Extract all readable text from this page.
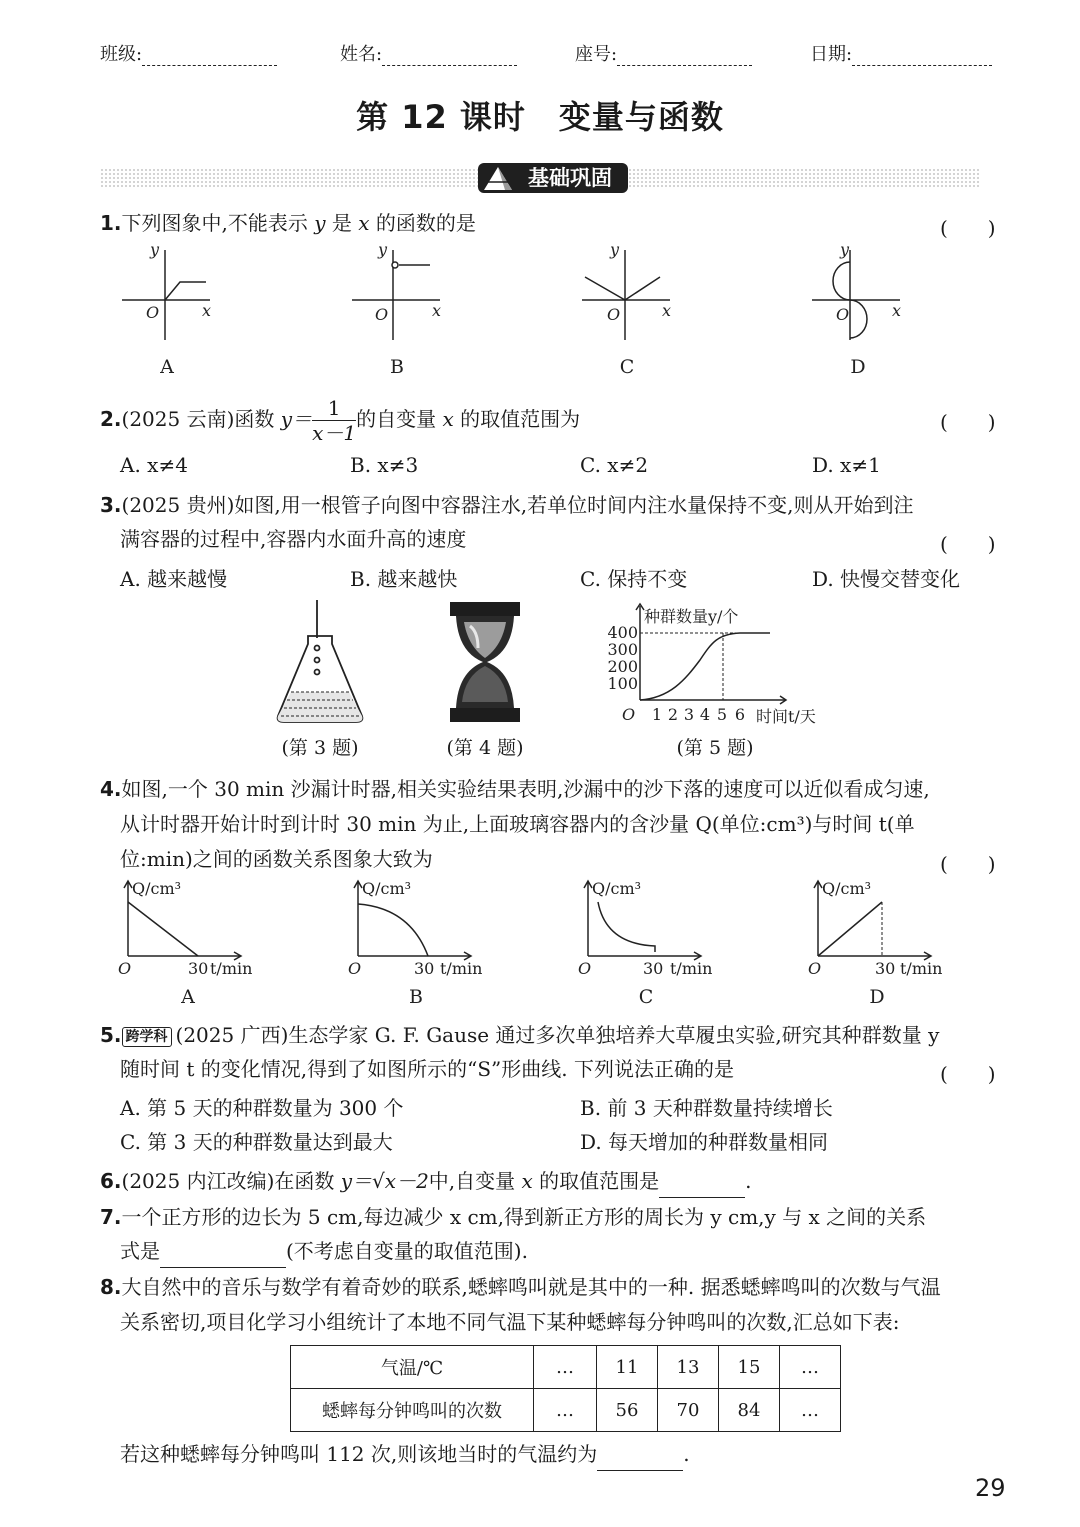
班级:	姓名:	座号:	日期:
第 12 课时　变量与函数
基础巩固
1.下列图象中,不能表示 y 是 x 的函数的是	(　　)
y
x
O
y
x
O
y
x
O
y
x
O
A	B	C	D
2.(2025 云南)函数 $y= \frac{1}{x-1}$ 的自变量 x 的取值范围为	(　　)
A. x≠4	B. x≠3	C. x≠2	D. x≠1
3.(2025 贵州)如图,用一根管子向图中容器注水,若单位时间内注水量保持不变,则从开始到注
满容器的过程中,容器内水面升高的速度	(　　)
A. 越来越慢	B. 越来越快	C. 保持不变	D. 快慢交替变化
种群数量y/个
时间t/天
O
400
300
200
100
1 2 3 4 5 6
(第 3 题)	(第 4 题)	(第 5 题)
4.如图,一个 30 min 沙漏计时器,相关实验结果表明,沙漏中的沙下落的速度可以近似看成匀速,
从计时器开始计时到计时 30 min 为止,上面玻璃容器内的含沙量 Q(单位:cm³)与时间 t(单
位:min)之间的函数关系图象大致为	(　　)
Q/cm³
t/min
30
O
Q/cm³
t/min
30
O
Q/cm³
t/min
30
O
Q/cm³
t/min
30
O
A	B	C	D
5. 跨学科 (2025 广西)生态学家 G. F. Gause 通过多次单独培养大草履虫实验,研究其种群数量 y
随时间 t 的变化情况,得到了如图所示的“S”形曲线. 下列说法正确的是	(　　)
A. 第 5 天的种群数量为 300 个	B. 前 3 天种群数量持续增长
C. 第 3 天的种群数量达到最大	D. 每天增加的种群数量相同
6.(2025 内江改编)在函数 y＝√x－2中,自变量 x 的取值范围是	.
7.一个正方形的边长为 5 cm,每边减少 x cm,得到新正方形的周长为 y cm,y 与 x 之间的关系
式是	(不考虑自变量的取值范围).
8.大自然中的音乐与数学有着奇妙的联系,蟋蟀鸣叫就是其中的一种. 据悉蟋蟀鸣叫的次数与气温
关系密切,项目化学习小组统计了本地不同气温下某种蟋蟀每分钟鸣叫的次数,汇总如下表:
气温/℃	…	11	13	15	…
蟋蟀每分钟鸣叫的次数	…	56	70	84	…
若这种蟋蟀每分钟鸣叫 112 次,则该地当时的气温约为	.
29
